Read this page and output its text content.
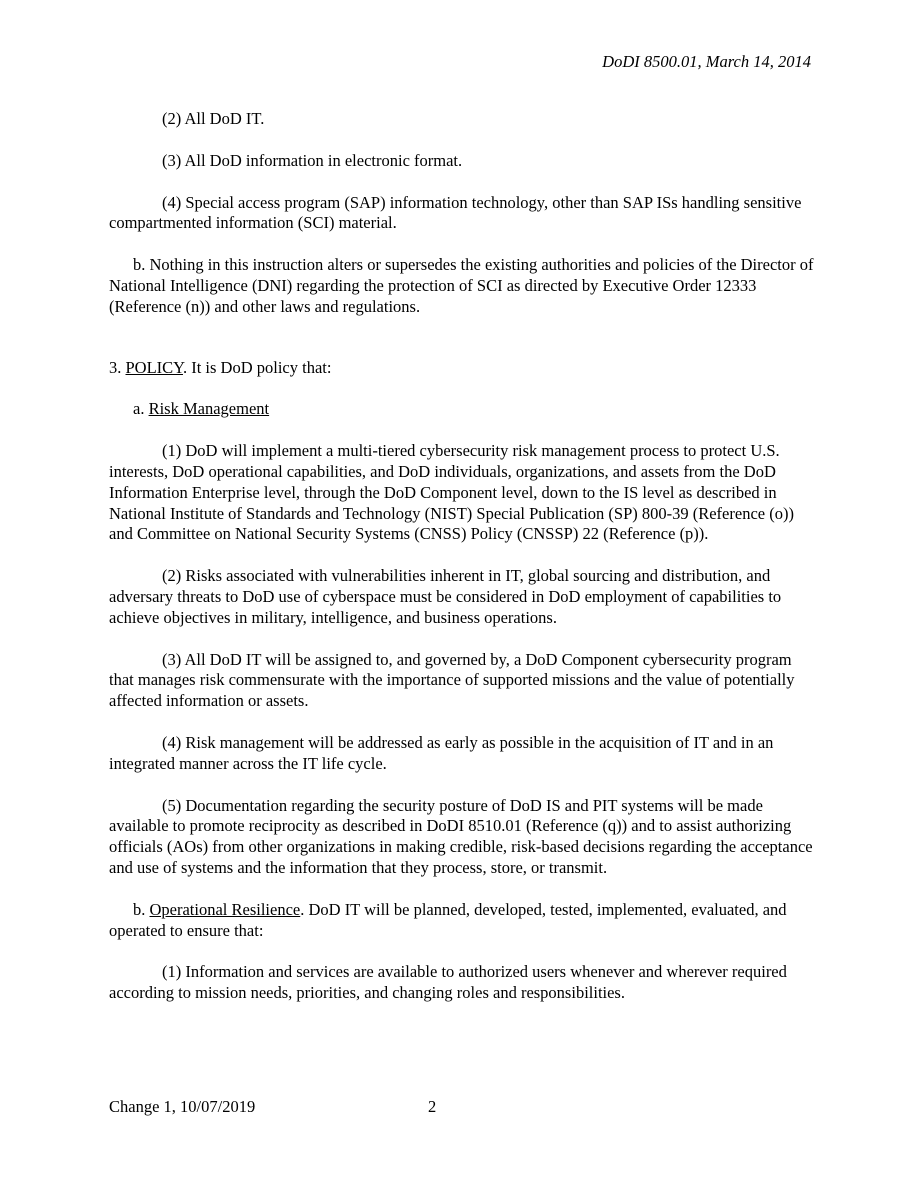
DoDI 8500.01, March 14, 2014

(2) All DoD IT.

(3) All DoD information in electronic format.

(4) Special access program (SAP) information technology, other than SAP ISs handling sensitive compartmented information (SCI) material.

b. Nothing in this instruction alters or supersedes the existing authorities and policies of the Director of National Intelligence (DNI) regarding the protection of SCI as directed by Executive Order 12333 (Reference (n)) and other laws and regulations.

3. POLICY. It is DoD policy that:

a. Risk Management

(1) DoD will implement a multi-tiered cybersecurity risk management process to protect U.S. interests, DoD operational capabilities, and DoD individuals, organizations, and assets from the DoD Information Enterprise level, through the DoD Component level, down to the IS level as described in National Institute of Standards and Technology (NIST) Special Publication (SP) 800-39 (Reference (o)) and Committee on National Security Systems (CNSS) Policy (CNSSP) 22 (Reference (p)).

(2) Risks associated with vulnerabilities inherent in IT, global sourcing and distribution, and adversary threats to DoD use of cyberspace must be considered in DoD employment of capabilities to achieve objectives in military, intelligence, and business operations.

(3) All DoD IT will be assigned to, and governed by, a DoD Component cybersecurity program that manages risk commensurate with the importance of supported missions and the value of potentially affected information or assets.

(4) Risk management will be addressed as early as possible in the acquisition of IT and in an integrated manner across the IT life cycle.

(5) Documentation regarding the security posture of DoD IS and PIT systems will be made available to promote reciprocity as described in DoDI 8510.01 (Reference (q)) and to assist authorizing officials (AOs) from other organizations in making credible, risk-based decisions regarding the acceptance and use of systems and the information that they process, store, or transmit.

b. Operational Resilience. DoD IT will be planned, developed, tested, implemented, evaluated, and operated to ensure that:

(1) Information and services are available to authorized users whenever and wherever required according to mission needs, priorities, and changing roles and responsibilities.

Change 1, 10/07/2019	2
